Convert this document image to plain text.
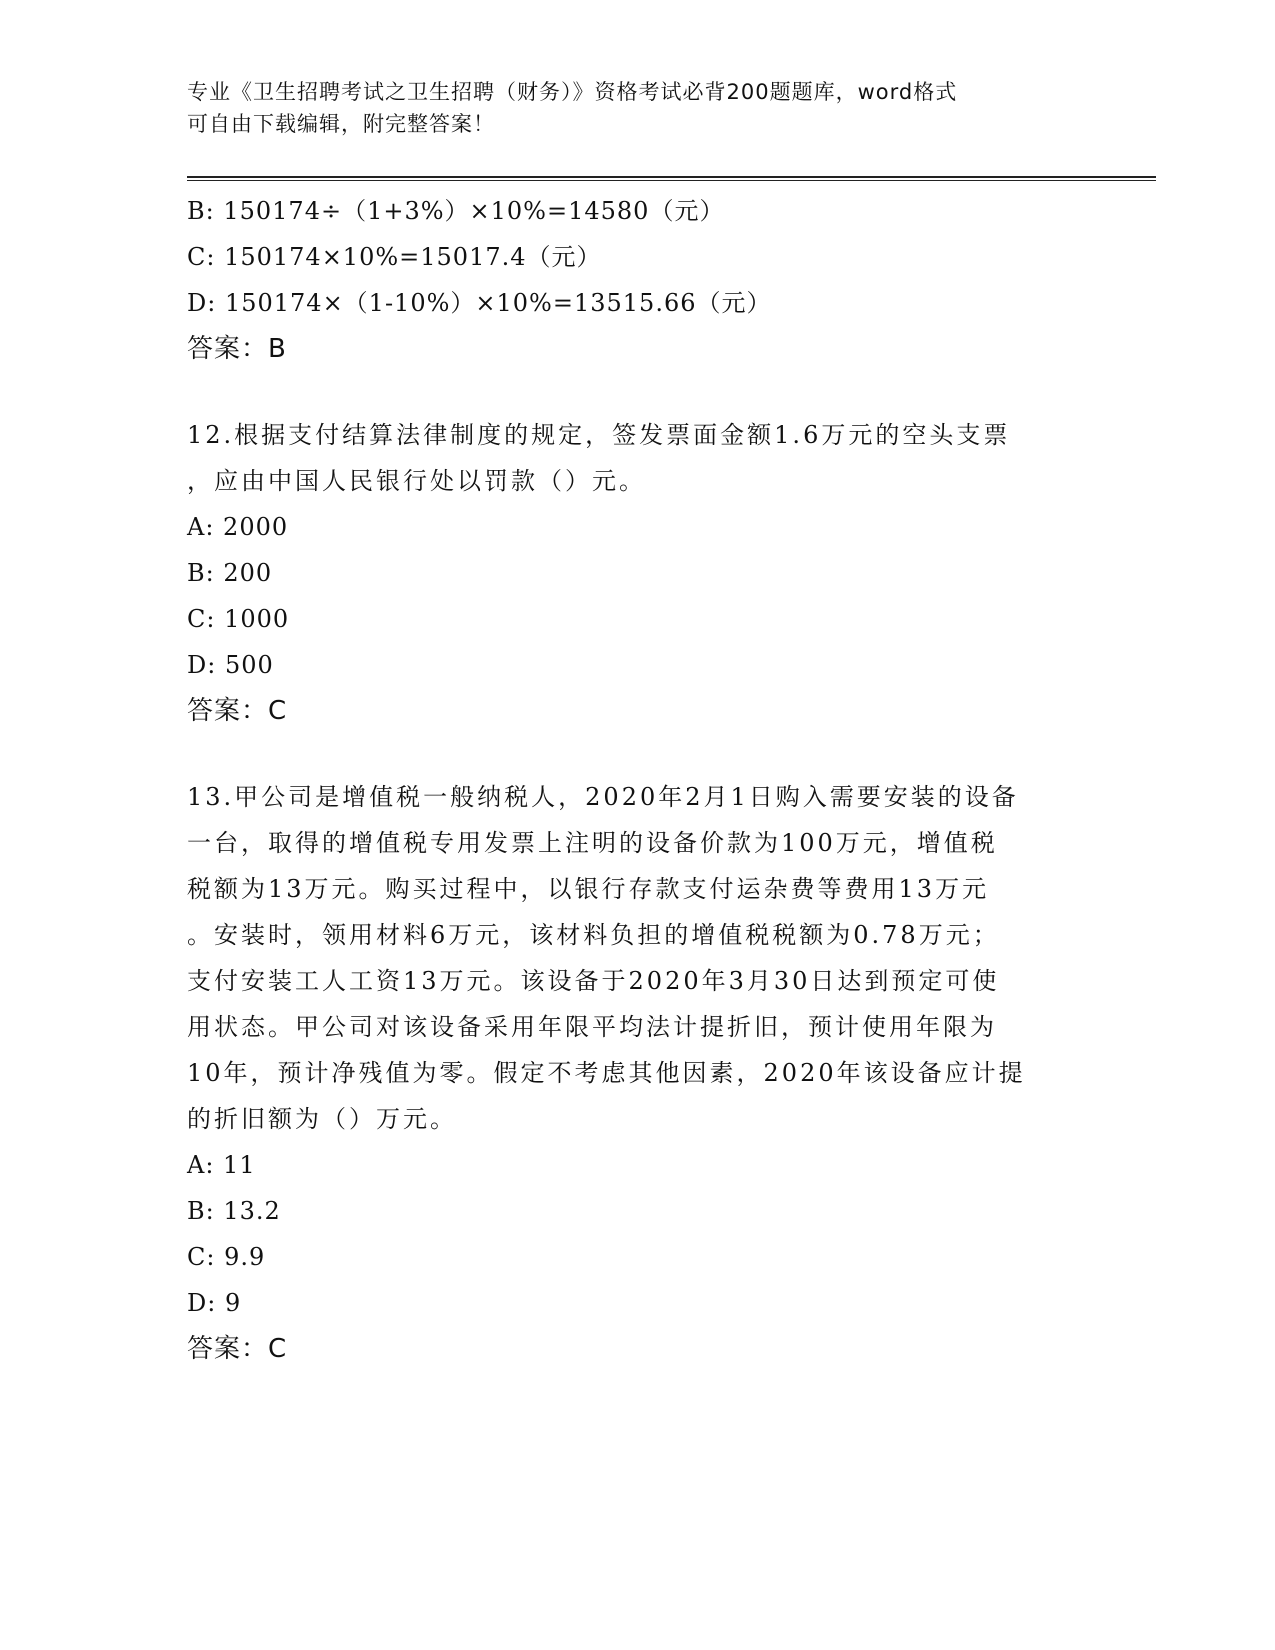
专业《卫生招聘考试之卫生招聘（财务）》资格考试必背200题题库，word格式
可自由下载编辑，附完整答案！
B: 150174÷（1+3%）×10%=14580（元）
C: 150174×10%=15017.4（元）
D: 150174×（1-10%）×10%=13515.66（元）
答案：B
12.根据支付结算法律制度的规定，签发票面金额1.6万元的空头支票
，应由中国人民银行处以罚款（）元。
A: 2000
B: 200
C: 1000
D: 500
答案：C
13.甲公司是增值税一般纳税人，2020年2月1日购入需要安装的设备
一台，取得的增值税专用发票上注明的设备价款为100万元，增值税
税额为13万元。购买过程中，以银行存款支付运杂费等费用13万元
。安装时，领用材料6万元，该材料负担的增值税税额为0.78万元；
支付安装工人工资13万元。该设备于2020年3月30日达到预定可使
用状态。甲公司对该设备采用年限平均法计提折旧，预计使用年限为
10年，预计净残值为零。假定不考虑其他因素，2020年该设备应计提
的折旧额为（）万元。
A: 11
B: 13.2
C: 9.9
D: 9
答案：C
